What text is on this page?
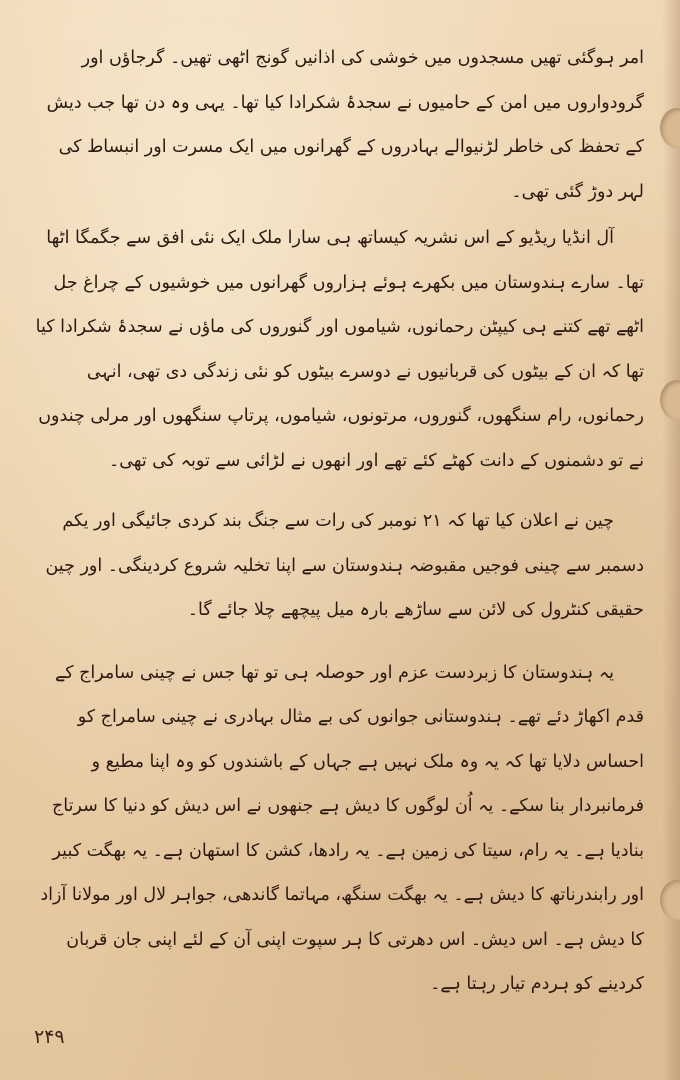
امر ہوگئی تھیں مسجدوں میں خوشی کی اذانیں گونج اٹھی تھیں۔ گرجاؤں اور گرودواروں میں امن کے حامیوں نے سجدۂ شکرادا کیا تھا۔ یہی وہ دن تھا جب دیش کے تحفظ کی خاطر لڑنیوالے بہادروں کے گھرانوں میں ایک مسرت اور انبساط کی لہر دوڑ گئی تھی۔

آل انڈیا ریڈیو کے اس نشریہ کیساتھ ہی سارا ملک ایک نئی افق سے جگمگا اٹھا تھا۔ سارے ہندوستان میں بکھرے ہوئے ہزاروں گھرانوں میں خوشیوں کے چراغ جل اٹھے تھے کتنے ہی کیپٹن رحمانوں، شیاموں اور گنوروں کی ماؤں نے سجدۂ شکرادا کیا تھا کہ ان کے بیٹوں کی قربانیوں نے دوسرے بیٹوں کو نئی زندگی دی تھی، انہی رحمانوں، رام سنگھوں، گنوروں، مرتونوں، شیاموں، پرتاپ سنگھوں اور مرلی چندوں نے تو دشمنوں کے دانت کھٹے کئے تھے اور انھوں نے لڑائی سے توبہ کی تھی۔

چین نے اعلان کیا تھا کہ ۲۱ نومبر کی رات سے جنگ بند کردی جائیگی اور یکم دسمبر سے چینی فوجیں مقبوضہ ہندوستان سے اپنا تخلیہ شروع کردینگی۔ اور چین حقیقی کنٹرول کی لائن سے ساڑھے بارہ میل پیچھے چلا جائے گا۔

یہ ہندوستان کا زبردست عزم اور حوصلہ ہی تو تھا جس نے چینی سامراج کے قدم اکھاڑ دئے تھے۔ ہندوستانی جوانوں کی بے مثال بہادری نے چینی سامراج کو احساس دلایا تھا کہ یہ وہ ملک نہیں ہے جہاں کے باشندوں کو وہ اپنا مطیع و فرمانبردار بنا سکے۔ یہ اُن لوگوں کا دیش ہے جنھوں نے اس دیش کو دنیا کا سرتاج بنادیا ہے۔ یہ رام، سیتا کی زمین ہے۔ یہ رادھا، کشن کا استھان ہے۔ یہ بھگت کبیر اور رابندرناتھ کا دیش ہے۔ یہ بھگت سنگھ، مہاتما گاندھی، جواہر لال اور مولانا آزاد کا دیش ہے۔ اس دیش۔ اس دھرتی کا ہر سپوت اپنی آن کے لئے اپنی جان قربان کردینے کو ہردم تیار رہتا ہے۔

۲۴۹
